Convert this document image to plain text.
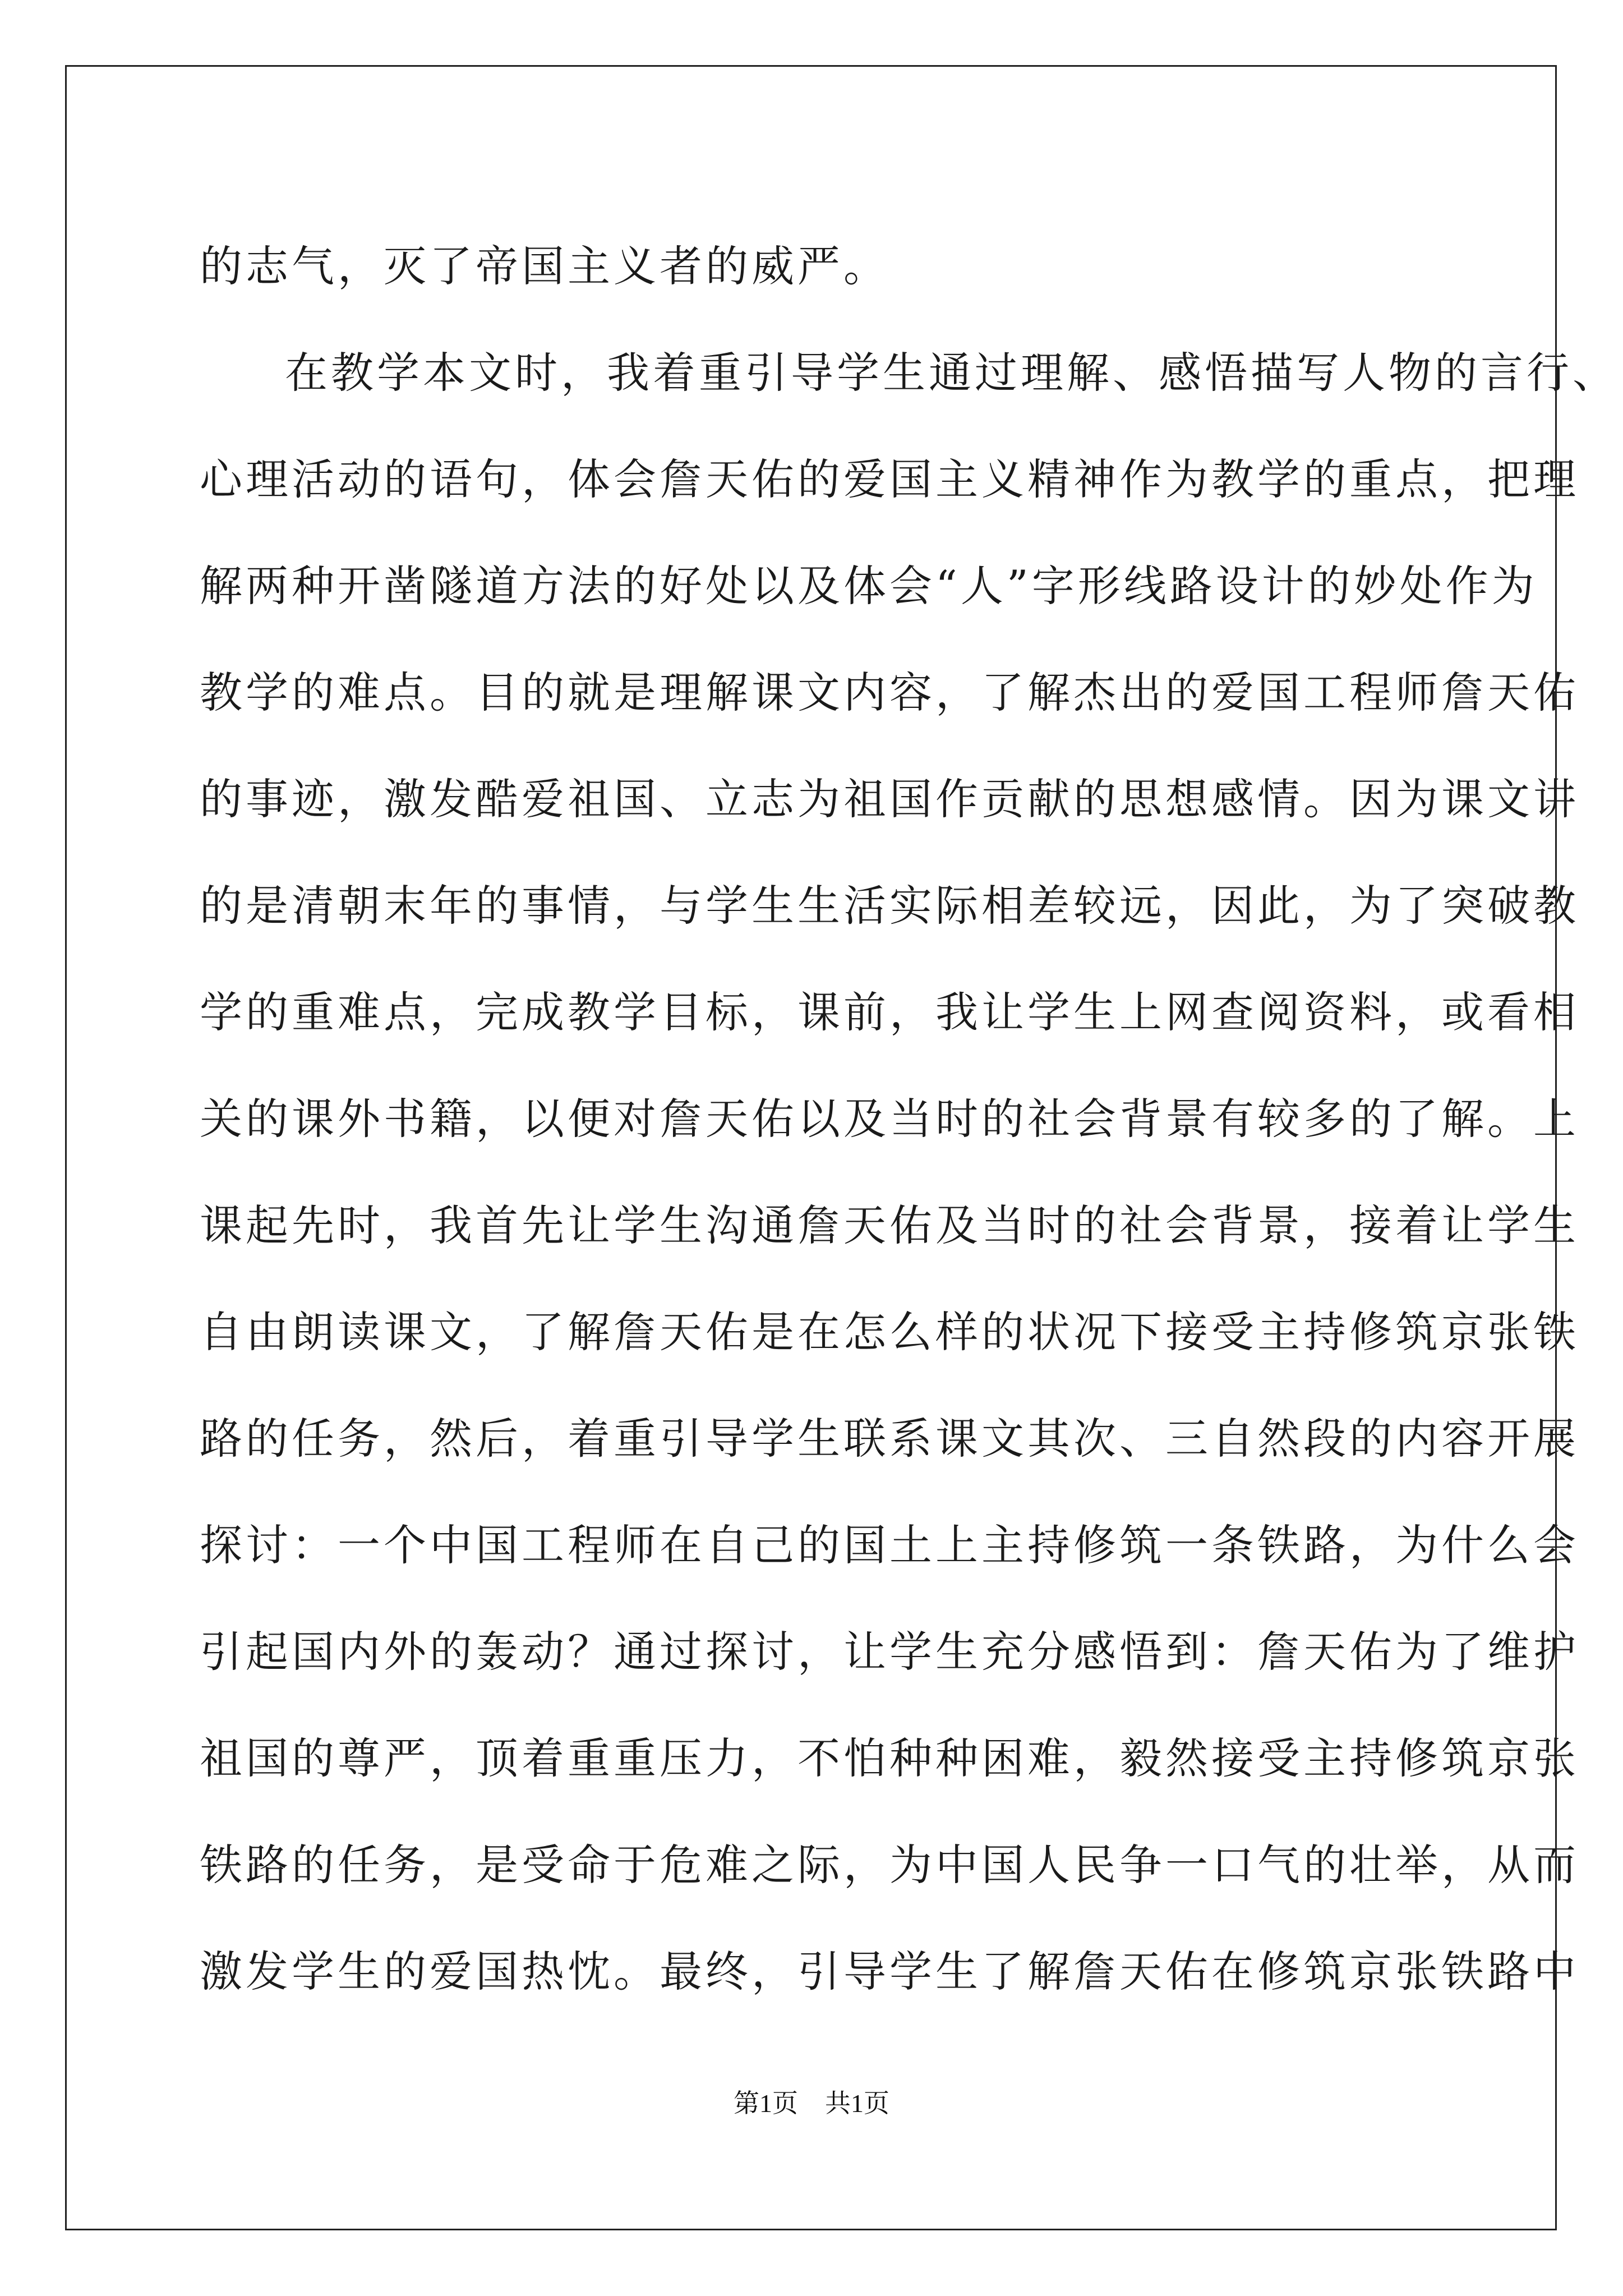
的志气，灭了帝国主义者的威严。
在教学本文时，我着重引导学生通过理解、感悟描写人物的言行、
心理活动的语句，体会詹天佑的爱国主义精神作为教学的重点，把理
解两种开凿隧道方法的好处以及体会“人”字形线路设计的妙处作为
教学的难点。目的就是理解课文内容，了解杰出的爱国工程师詹天佑
的事迹，激发酷爱祖国、立志为祖国作贡献的思想感情。因为课文讲
的是清朝末年的事情，与学生生活实际相差较远，因此，为了突破教
学的重难点，完成教学目标，课前，我让学生上网查阅资料，或看相
关的课外书籍，以便对詹天佑以及当时的社会背景有较多的了解。上
课起先时，我首先让学生沟通詹天佑及当时的社会背景，接着让学生
自由朗读课文，了解詹天佑是在怎么样的状况下接受主持修筑京张铁
路的任务，然后，着重引导学生联系课文其次、三自然段的内容开展
探讨：一个中国工程师在自己的国土上主持修筑一条铁路，为什么会
引起国内外的轰动？通过探讨，让学生充分感悟到：詹天佑为了维护
祖国的尊严，顶着重重压力，不怕种种困难，毅然接受主持修筑京张
铁路的任务，是受命于危难之际，为中国人民争一口气的壮举，从而
激发学生的爱国热忱。最终，引导学生了解詹天佑在修筑京张铁路中
第1页 共1页
